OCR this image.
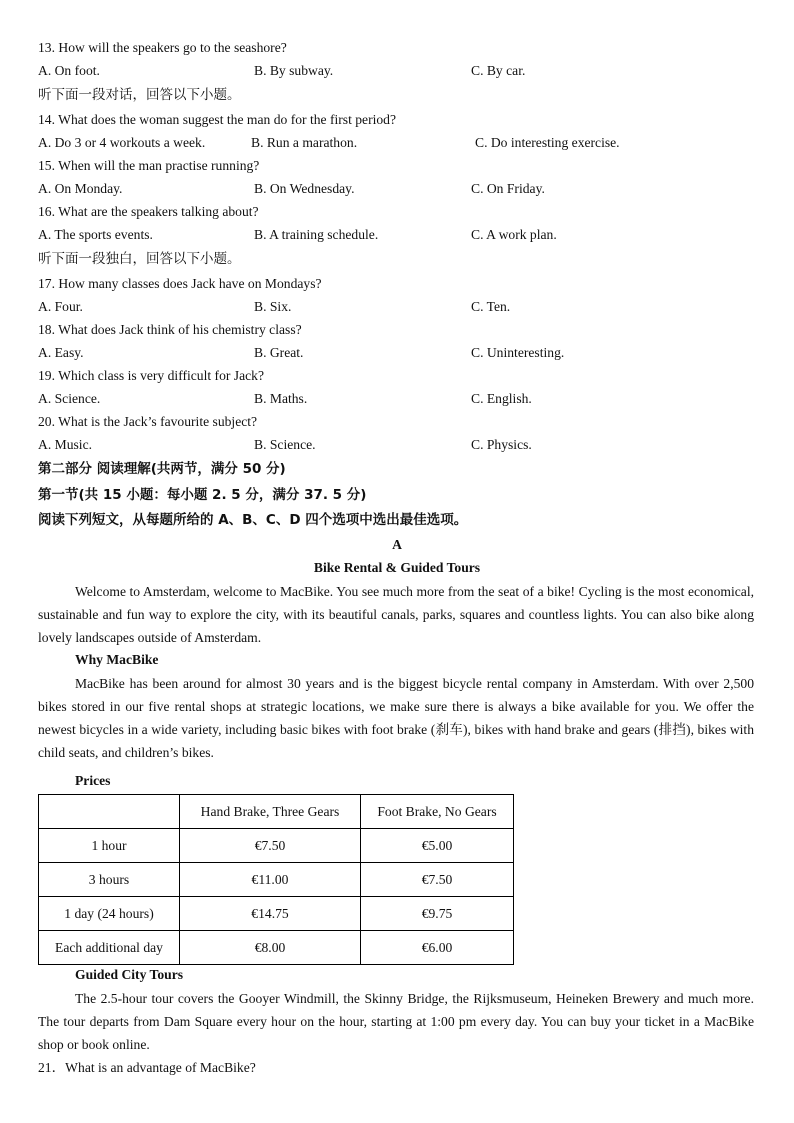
13. How will the speakers go to the seashore?
A. On foot.	B. By subway.	C. By car.
听下面一段对话，回答以下小题。
14. What does the woman suggest the man do for the first period?
A. Do 3 or 4 workouts a week.	B. Run a marathon.	C. Do interesting exercise.
15. When will the man practise running?
A. On Monday.	B. On Wednesday.	C. On Friday.
16. What are the speakers talking about?
A. The sports events.	B. A training schedule.	C. A work plan.
听下面一段独白，回答以下小题。
17. How many classes does Jack have on Mondays?
A. Four.	B. Six.	C. Ten.
18. What does Jack think of his chemistry class?
A. Easy.	B. Great.	C. Uninteresting.
19. Which class is very difficult for Jack?
A. Science.	B. Maths.	C. English.
20. What is the Jack’s favourite subject?
A. Music.	B. Science.	C. Physics.
第二部分 阅读理解(共两节，满分 50 分)
第一节(共 15 小题：每小题 2. 5 分，满分 37. 5 分)
阅读下列短文，从每题所给的 A、B、C、D 四个选项中选出最佳选项。
A
Bike Rental & Guided Tours

Welcome to Amsterdam, welcome to MacBike. You see much more from the seat of a bike! Cycling is the most economical, sustainable and fun way to explore the city, with its beautiful canals, parks, squares and countless lights. You can also bike along lovely landscapes outside of Amsterdam.

Why MacBike

MacBike has been around for almost 30 years and is the biggest bicycle rental company in Amsterdam. With over 2,500 bikes stored in our five rental shops at strategic locations, we make sure there is always a bike available for you. We offer the newest bicycles in a wide variety, including basic bikes with foot brake (刹车), bikes with hand brake and gears (排挡), bikes with child seats, and children’s bikes.

Prices
	Hand Brake, Three Gears	Foot Brake, No Gears
1 hour	€7.50	€5.00
3 hours	€11.00	€7.50
1 day (24 hours)	€14.75	€9.75
Each additional day	€8.00	€6.00
Guided City Tours

The 2.5-hour tour covers the Gooyer Windmill, the Skinny Bridge, the Rijksmuseum, Heineken Brewery and much more. The tour departs from Dam Square every hour on the hour, starting at 1:00 pm every day. You can buy your ticket in a MacBike shop or book online.

21．What is an advantage of MacBike?
